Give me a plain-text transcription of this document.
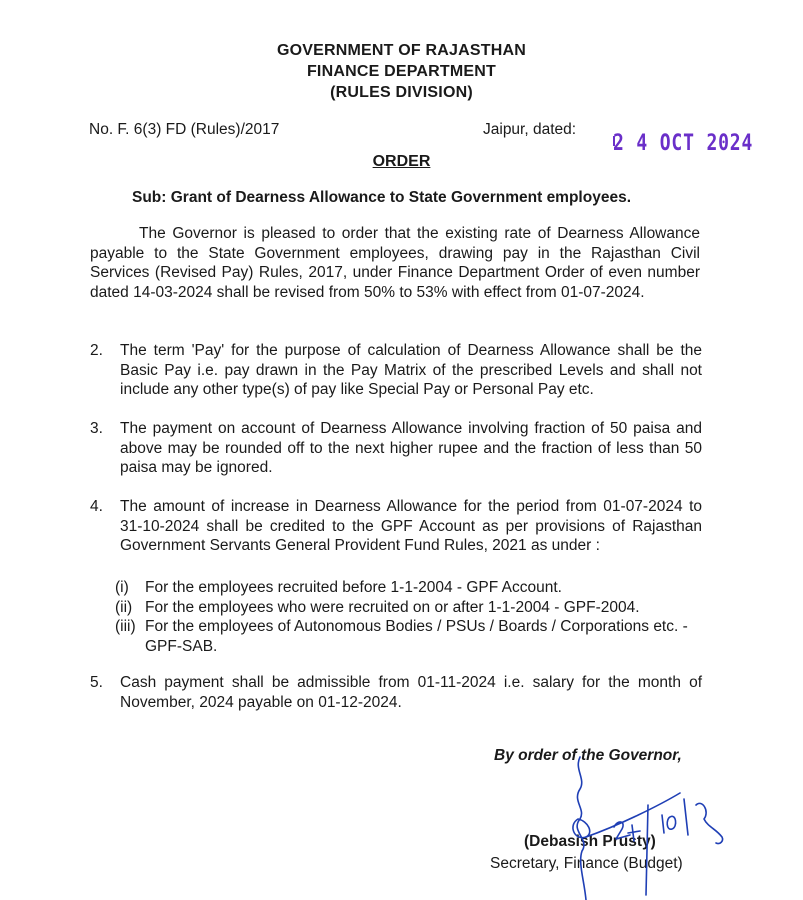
GOVERNMENT OF RAJASTHAN
FINANCE DEPARTMENT
(RULES DIVISION)
No. F. 6(3) FD (Rules)/2017	Jaipur, dated:
2 4 OCT 2024
ORDER
Sub: Grant of Dearness Allowance to State Government employees.
The Governor is pleased to order that the existing rate of Dearness Allowance payable to the State Government employees, drawing pay in the Rajasthan Civil Services (Revised Pay) Rules, 2017, under Finance Department Order of even number dated 14-03-2024 shall be revised from 50% to 53% with effect from 01-07-2024.
2. The term 'Pay' for the purpose of calculation of Dearness Allowance shall be the Basic Pay i.e. pay drawn in the Pay Matrix of the prescribed Levels and shall not include any other type(s) of pay like Special Pay or Personal Pay etc.
3. The payment on account of Dearness Allowance involving fraction of 50 paisa and above may be rounded off to the next higher rupee and the fraction of less than 50 paisa may be ignored.
4. The amount of increase in Dearness Allowance for the period from 01-07-2024 to 31-10-2024 shall be credited to the GPF Account as per provisions of Rajasthan Government Servants General Provident Fund Rules, 2021 as under :
(i) For the employees recruited before 1-1-2004 - GPF Account.
(ii) For the employees who were recruited on or after 1-1-2004 - GPF-2004.
(iii) For the employees of Autonomous Bodies / PSUs / Boards / Corporations etc. - GPF-SAB.
5. Cash payment shall be admissible from 01-11-2024 i.e. salary for the month of November, 2024 payable on 01-12-2024.
By order of the Governor,
(Debasish Prusty)
Secretary, Finance (Budget)
